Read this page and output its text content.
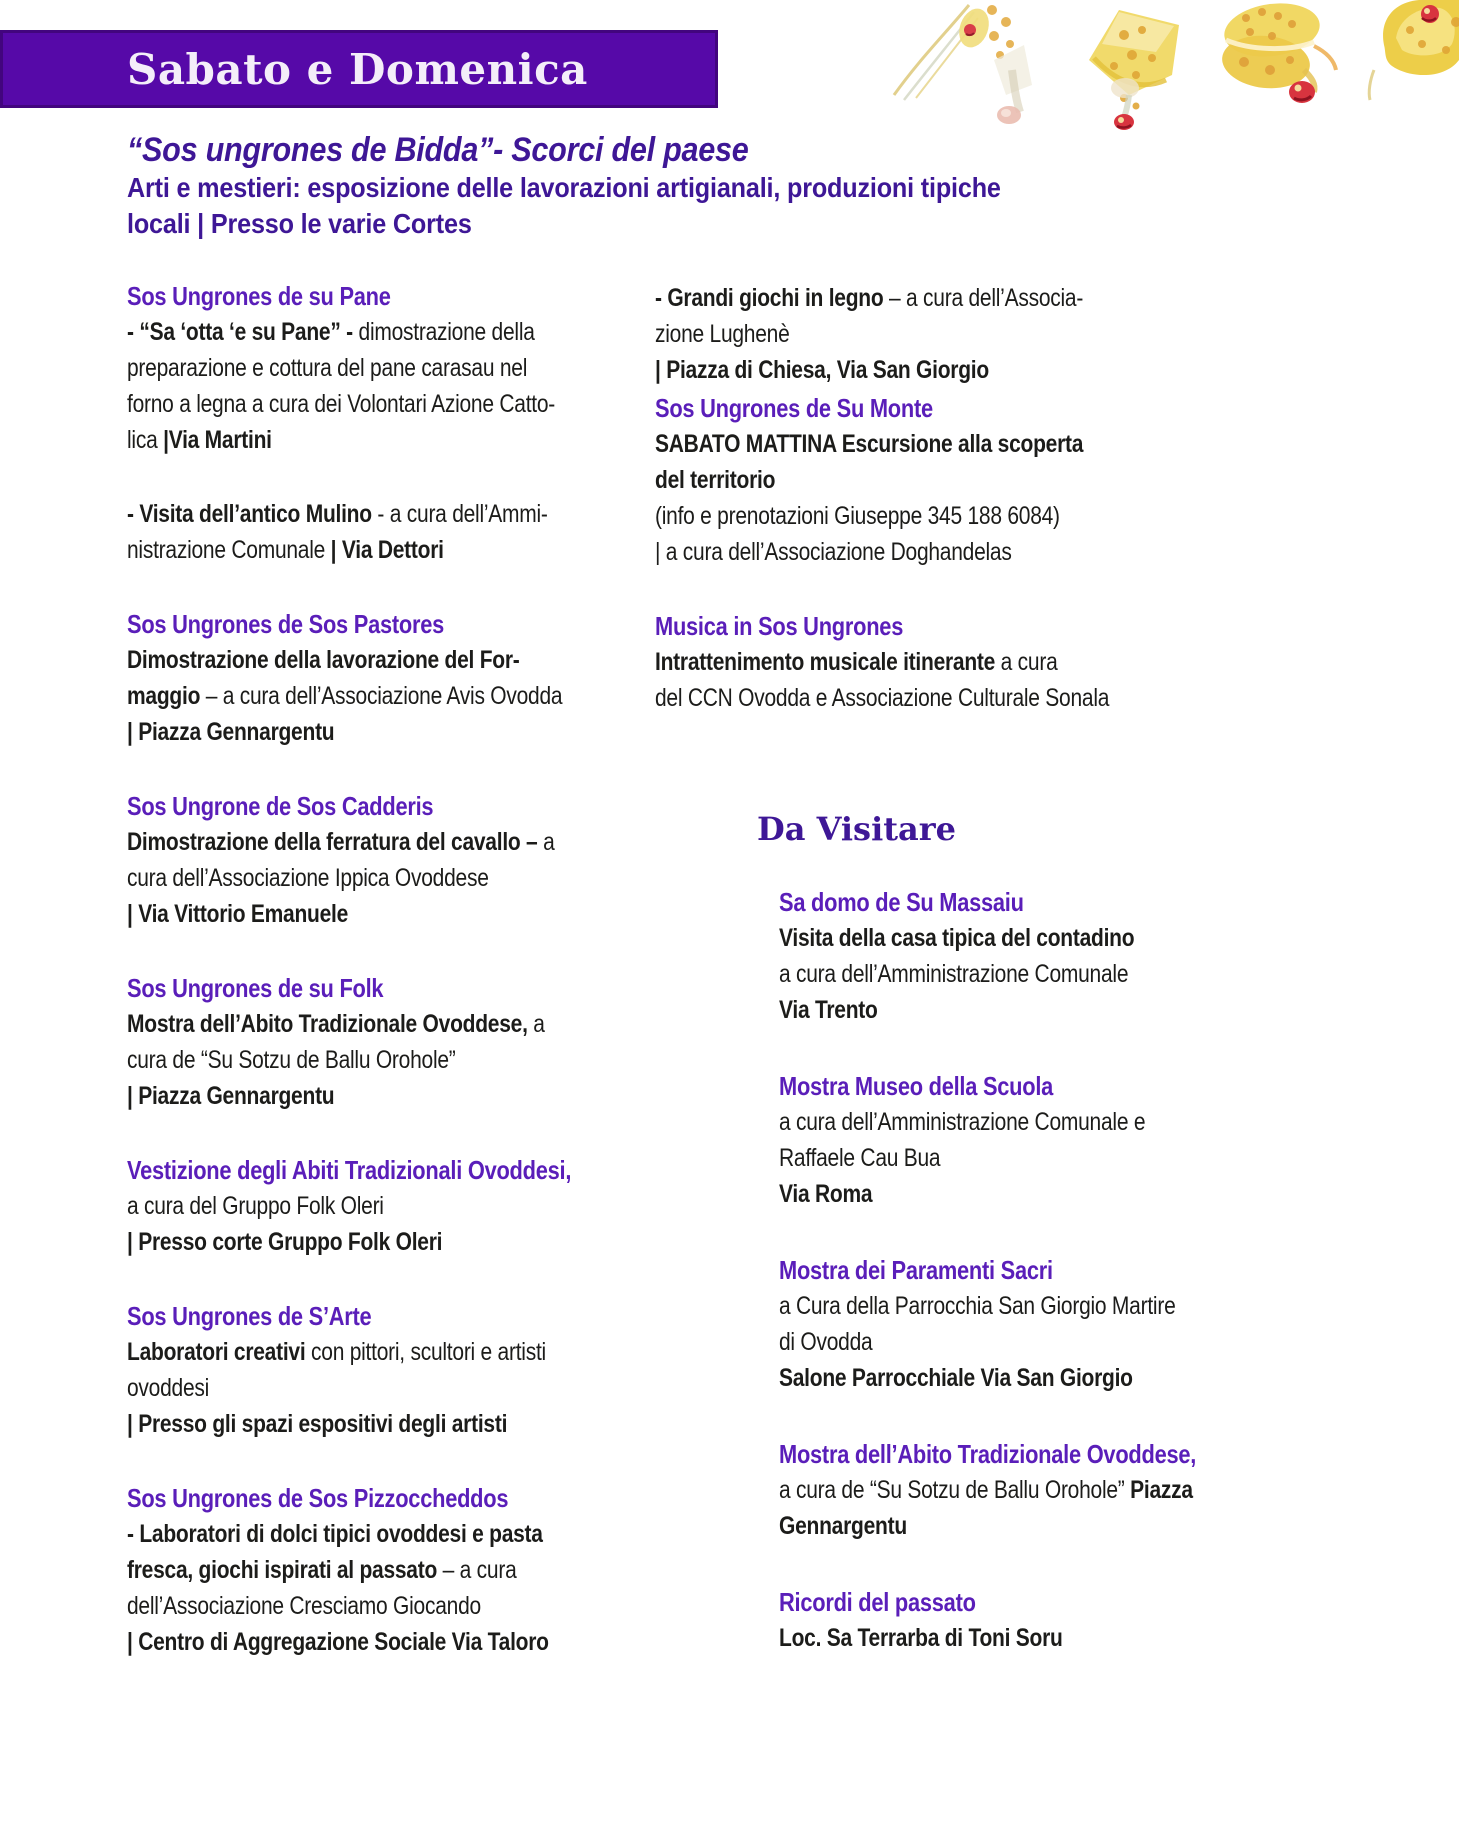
Sabato e Domenica
“Sos ungrones de Bidda”- Scorci del paese
Arti e mestieri: esposizione delle lavorazioni artigianali, produzioni tipiche
locali | Presso le varie Cortes
Sos Ungrones de su Pane
- “Sa ‘otta ‘e su Pane” - dimostrazione della
preparazione e cottura del pane carasau nel
forno a legna a cura dei Volontari Azione Catto-
lica |Via Martini
- Visita dell’antico Mulino - a cura dell’Ammi-
nistrazione Comunale | Via Dettori
Sos Ungrones de Sos Pastores
Dimostrazione della lavorazione del For-
maggio – a cura dell’Associazione Avis Ovodda
| Piazza Gennargentu
Sos Ungrone de Sos Cadderis
Dimostrazione della ferratura del cavallo – a
cura dell’Associazione Ippica Ovoddese
| Via Vittorio Emanuele
Sos Ungrones de su Folk
Mostra dell’Abito Tradizionale Ovoddese, a
cura de “Su Sotzu de Ballu Orohole”
| Piazza Gennargentu
Vestizione degli Abiti Tradizionali Ovoddesi,
a cura del Gruppo Folk Oleri
| Presso corte Gruppo Folk Oleri
Sos Ungrones de S’Arte
Laboratori creativi con pittori, scultori e artisti
ovoddesi
| Presso gli spazi espositivi degli artisti
Sos Ungrones de Sos Pizzoccheddos
- Laboratori di dolci tipici ovoddesi e pasta
fresca, giochi ispirati al passato – a cura
dell’Associazione Cresciamo Giocando
| Centro di Aggregazione Sociale Via Taloro
- Grandi giochi in legno – a cura dell’Associa-
zione Lughenè
| Piazza di Chiesa, Via San Giorgio
Sos Ungrones de Su Monte
SABATO MATTINA Escursione alla scoperta
del territorio
(info e prenotazioni Giuseppe 345 188 6084)
| a cura dell’Associazione Doghandelas
Musica in Sos Ungrones
Intrattenimento musicale itinerante a cura
del CCN Ovodda e Associazione Culturale Sonala
Da Visitare
Sa domo de Su Massaiu
Visita della casa tipica del contadino
a cura dell’Amministrazione Comunale
Via Trento
Mostra Museo della Scuola
a cura dell’Amministrazione Comunale e
Raffaele Cau Bua
Via Roma
Mostra dei Paramenti Sacri
a Cura della Parrocchia San Giorgio Martire
di Ovodda
Salone Parrocchiale Via San Giorgio
Mostra dell’Abito Tradizionale Ovoddese,
a cura de “Su Sotzu de Ballu Orohole” Piazza
Gennargentu
Ricordi del passato
Loc. Sa Terrarba di Toni Soru
